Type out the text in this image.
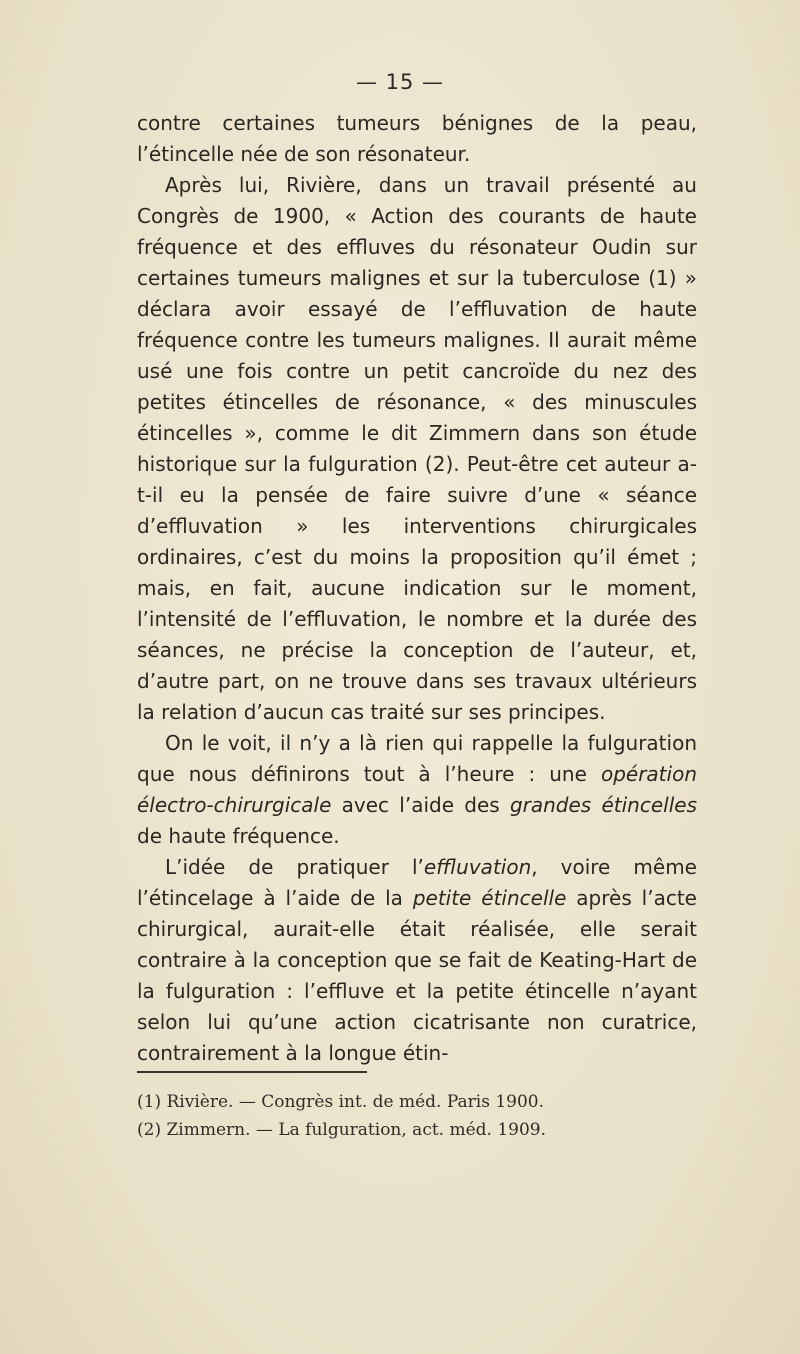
— 15 —

contre certaines tumeurs bénignes de la peau, l’étincelle née de son résonateur.

Après lui, Rivière, dans un travail présenté au Congrès de 1900, « Action des courants de haute fréquence et des effluves du résonateur Oudin sur certaines tumeurs malignes et sur la tuberculose (1) » déclara avoir essayé de l’effluvation de haute fréquence contre les tumeurs malignes. Il aurait même usé une fois contre un petit cancroïde du nez des petites étincelles de résonance, « des minuscules étincelles », comme le dit Zimmern dans son étude historique sur la fulguration (2). Peut-être cet auteur a-t-il eu la pensée de faire suivre d’une « séance d’effluvation » les interventions chirurgicales ordinaires, c’est du moins la proposition qu’il émet ; mais, en fait, aucune indication sur le moment, l’intensité de l’effluvation, le nombre et la durée des séances, ne précise la conception de l’auteur, et, d’autre part, on ne trouve dans ses travaux ultérieurs la relation d’aucun cas traité sur ses principes.

On le voit, il n’y a là rien qui rappelle la fulguration que nous définirons tout à l’heure : une opération électro-chirurgicale avec l’aide des grandes étincelles de haute fréquence.

L’idée de pratiquer l’effluvation, voire même l’étincelage à l’aide de la petite étincelle après l’acte chirurgical, aurait-elle était réalisée, elle serait contraire à la conception que se fait de Keating-Hart de la fulguration : l’effluve et la petite étincelle n’ayant selon lui qu’une action cicatrisante non curatrice, contrairement à la longue étin-

(1) Rivière. — Congrès int. de méd. Paris 1900.

(2) Zimmern. — La fulguration, act. méd. 1909.
